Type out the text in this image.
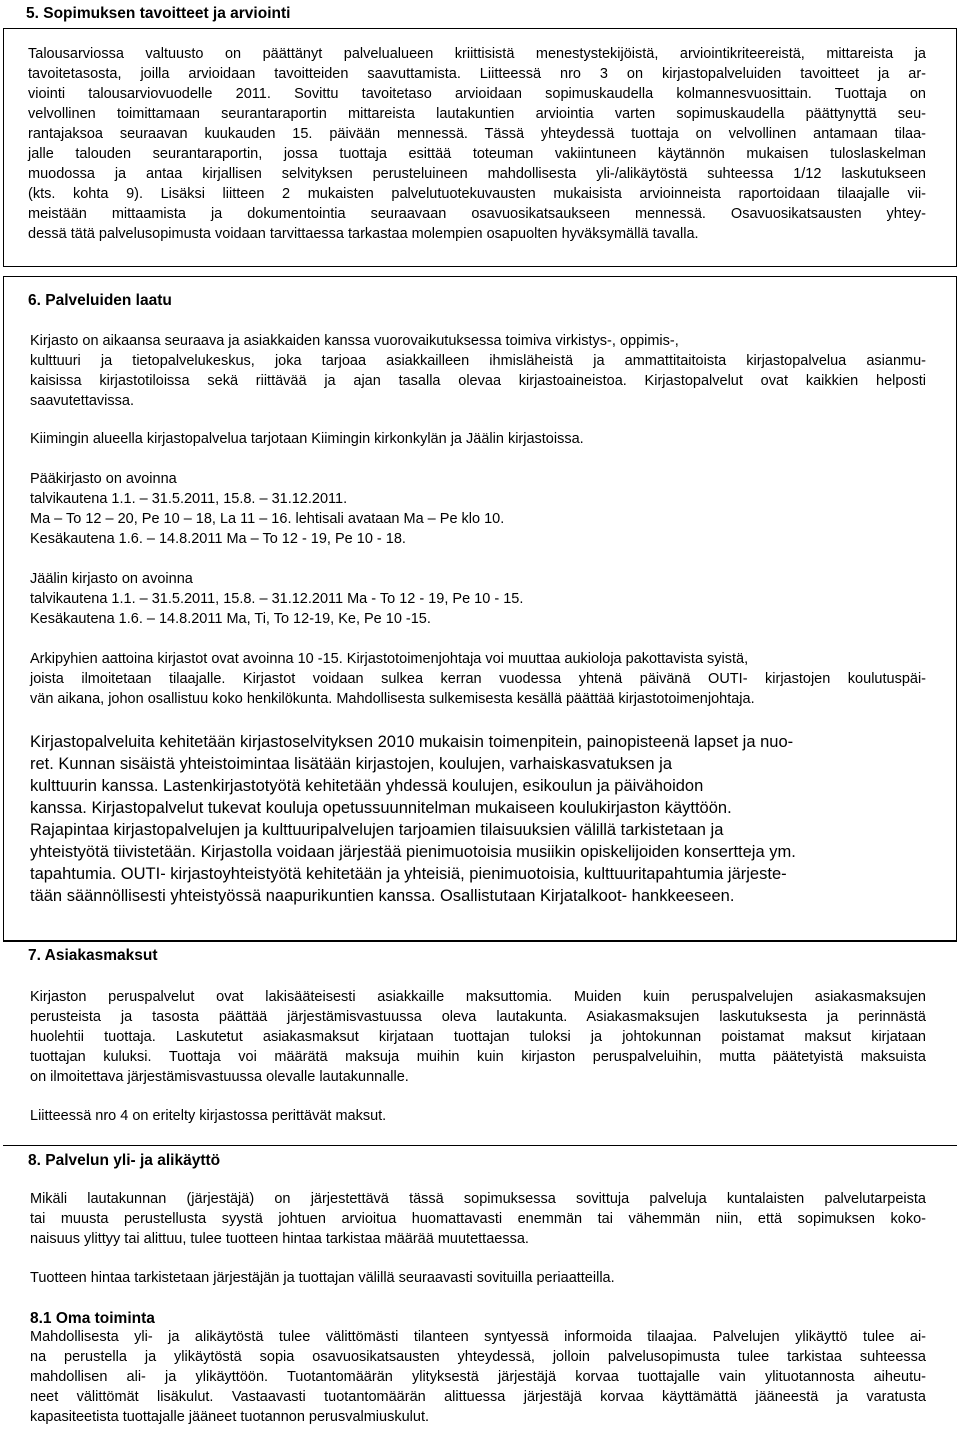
5. Sopimuksen tavoitteet ja arviointi
Talousarviossa valtuusto on päättänyt palvelualueen kriittisistä menestystekijöistä, arviointikriteereistä, mittareista ja
tavoitetasosta, joilla arvioidaan tavoitteiden saavuttamista. Liitteessä nro 3 on kirjastopalveluiden tavoitteet ja ar-
viointi talousarviovuodelle 2011. Sovittu tavoitetaso arvioidaan sopimuskaudella kolmannesvuosittain. Tuottaja on
velvollinen toimittamaan seurantaraportin mittareista lautakuntien arviointia varten sopimuskaudella päättynyttä seu-
rantajaksoa seuraavan kuukauden 15. päivään mennessä. Tässä yhteydessä tuottaja on velvollinen antamaan tilaa-
jalle talouden seurantaraportin, jossa tuottaja esittää toteuman vakiintuneen käytännön mukaisen tuloslaskelman
muodossa ja antaa kirjallisen selvityksen perusteluineen mahdollisesta yli-/alikäytöstä suhteessa 1/12 laskutukseen
(kts. kohta 9). Lisäksi liitteen 2 mukaisten palvelutuotekuvausten mukaisista arvioinneista raportoidaan tilaajalle vii-
meistään mittaamista ja dokumentointia seuraavaan osavuosikatsaukseen mennessä. Osavuosikatsausten yhtey-
dessä tätä palvelusopimusta voidaan tarvittaessa tarkastaa molempien osapuolten hyväksymällä tavalla.
6. Palveluiden laatu
Kirjasto on aikaansa seuraava ja asiakkaiden kanssa vuorovaikutuksessa toimiva virkistys-, oppimis-,
kulttuuri ja tietopalvelukeskus, joka tarjoaa asiakkailleen ihmisläheistä ja ammattitaitoista kirjastopalvelua asianmu-
kaisissa kirjastotiloissa sekä riittävää ja ajan tasalla olevaa kirjastoaineistoa. Kirjastopalvelut ovat kaikkien helposti
saavutettavissa.
Kiimingin alueella kirjastopalvelua tarjotaan Kiimingin kirkonkylän ja Jäälin kirjastoissa.
Pääkirjasto on avoinna
talvikautena 1.1. – 31.5.2011, 15.8. – 31.12.2011.
Ma – To 12 – 20, Pe 10 – 18, La 11 – 16. lehtisali avataan Ma – Pe klo 10.
Kesäkautena 1.6. – 14.8.2011 Ma – To 12 - 19, Pe 10 - 18.
Jäälin kirjasto on avoinna
talvikautena 1.1. – 31.5.2011, 15.8. – 31.12.2011 Ma - To 12 - 19, Pe 10 - 15.
Kesäkautena 1.6. – 14.8.2011 Ma, Ti, To 12-19, Ke, Pe 10 -15.
Arkipyhien aattoina kirjastot ovat avoinna 10 -15. Kirjastotoimenjohtaja voi muuttaa aukioloja pakottavista syistä,
joista ilmoitetaan tilaajalle. Kirjastot voidaan sulkea kerran vuodessa yhtenä päivänä OUTI- kirjastojen koulutuspäi-
vän aikana, johon osallistuu koko henkilökunta. Mahdollisesta sulkemisesta kesällä päättää kirjastotoimenjohtaja.
Kirjastopalveluita kehitetään kirjastoselvityksen 2010 mukaisin toimenpitein, painopisteenä lapset ja nuo-
ret. Kunnan sisäistä yhteistoimintaa lisätään kirjastojen, koulujen, varhaiskasvatuksen ja
kulttuurin kanssa. Lastenkirjastotyötä kehitetään yhdessä koulujen, esikoulun ja päivähoidon
kanssa. Kirjastopalvelut tukevat kouluja opetussuunnitelman mukaiseen koulukirjaston käyttöön.
Rajapintaa kirjastopalvelujen ja kulttuuripalvelujen tarjoamien tilaisuuksien välillä tarkistetaan ja
yhteistyötä tiivistetään. Kirjastolla voidaan järjestää pienimuotoisia musiikin opiskelijoiden konsertteja ym.
tapahtumia. OUTI- kirjastoyhteistyötä kehitetään ja yhteisiä, pienimuotoisia, kulttuuritapahtumia järjeste-
tään säännöllisesti yhteistyössä naapurikuntien kanssa. Osallistutaan Kirjatalkoot- hankkeeseen.
7. Asiakasmaksut
Kirjaston peruspalvelut ovat lakisääteisesti asiakkaille maksuttomia. Muiden kuin peruspalvelujen asiakasmaksujen
perusteista ja tasosta päättää järjestämisvastuussa oleva lautakunta. Asiakasmaksujen laskutuksesta ja perinnästä
huolehtii tuottaja. Laskutetut asiakasmaksut kirjataan tuottajan tuloksi ja johtokunnan poistamat maksut kirjataan
tuottajan kuluksi. Tuottaja voi määrätä maksuja muihin kuin kirjaston peruspalveluihin, mutta päätetyistä maksuista
on ilmoitettava järjestämisvastuussa olevalle lautakunnalle.
Liitteessä nro 4 on eritelty kirjastossa perittävät maksut.
8. Palvelun yli- ja alikäyttö
Mikäli lautakunnan (järjestäjä) on järjestettävä tässä sopimuksessa sovittuja palveluja kuntalaisten palvelutarpeista
tai muusta perustellusta syystä johtuen arvioitua huomattavasti enemmän tai vähemmän niin, että sopimuksen koko-
naisuus ylittyy tai alittuu, tulee tuotteen hintaa tarkistaa määrää muutettaessa.
Tuotteen hintaa tarkistetaan järjestäjän ja tuottajan välillä seuraavasti sovituilla periaatteilla.
8.1 Oma toiminta
Mahdollisesta yli- ja alikäytöstä tulee välittömästi tilanteen syntyessä informoida tilaajaa. Palvelujen ylikäyttö tulee ai-
na perustella ja ylikäytöstä sopia osavuosikatsausten yhteydessä, jolloin palvelusopimusta tulee tarkistaa suhteessa
mahdollisen ali- ja ylikäyttöön. Tuotantomäärän ylityksestä järjestäjä korvaa tuottajalle vain ylituotannosta aiheutu-
neet välittömät lisäkulut. Vastaavasti tuotantomäärän alittuessa järjestäjä korvaa käyttämättä jääneestä ja varatusta
kapasiteetista tuottajalle jääneet tuotannon perusvalmiuskulut.
